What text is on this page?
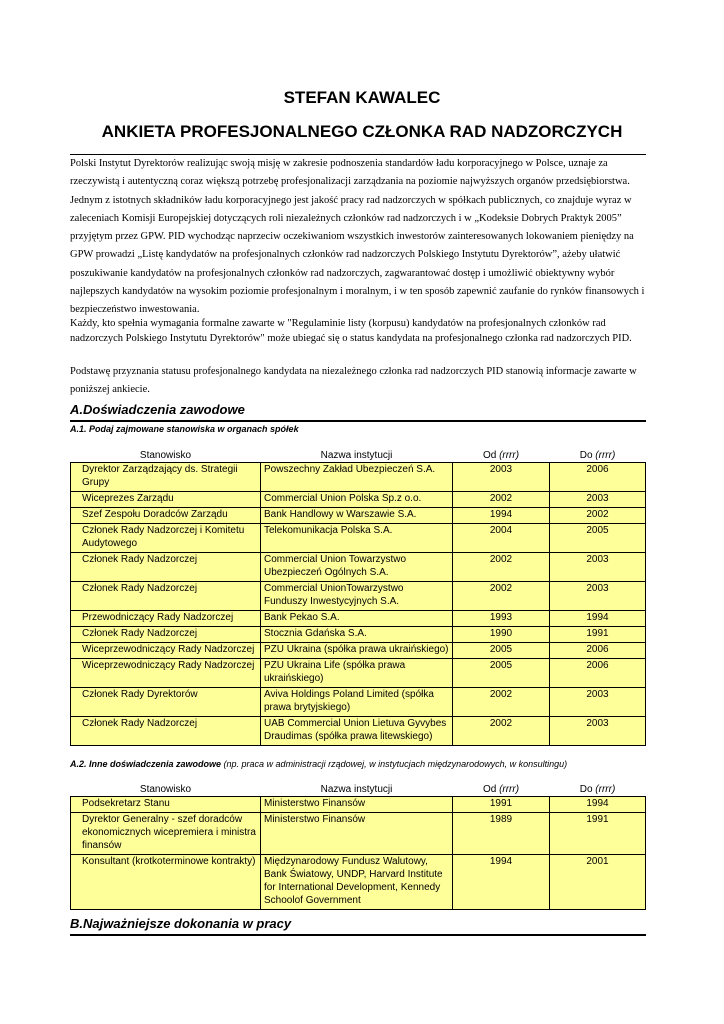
STEFAN KAWALEC
ANKIETA PROFESJONALNEGO CZŁONKA RAD NADZORCZYCH

Polski Instytut Dyrektorów realizując swoją misję w zakresie podnoszenia standardów ładu korporacyjnego w Polsce, uznaje za rzeczywistą i autentyczną coraz większą potrzebę profesjonalizacji zarządzania na poziomie najwyższych organów przedsiębiorstwa. Jednym z istotnych składników ładu korporacyjnego jest jakość pracy rad nadzorczych w spółkach publicznych, co znajduje wyraz w zaleceniach Komisji Europejskiej dotyczących roli niezależnych członków rad nadzorczych i w „Kodeksie Dobrych Praktyk 2005” przyjętym przez GPW. PID wychodząc naprzeciw oczekiwaniom wszystkich inwestorów zainteresowanych lokowaniem pieniędzy na GPW prowadzi „Listę kandydatów na profesjonalnych członków rad nadzorczych Polskiego Instytutu Dyrektorów”, ażeby ułatwić poszukiwanie kandydatów na profesjonalnych członków rad nadzorczych, zagwarantować dostęp i umożliwić obiektywny wybór najlepszych kandydatów na wysokim poziomie profesjonalnym i moralnym, i w ten sposób zapewnić zaufanie do rynków finansowych i bezpieczeństwo inwestowania.

Każdy, kto spełnia wymagania formalne zawarte w "Regulaminie listy (korpusu) kandydatów na profesjonalnych członków rad nadzorczych Polskiego Instytutu Dyrektorów" może ubiegać się o status kandydata na profesjonalnego członka rad nadzorczych PID.

Podstawę przyznania statusu profesjonalnego kandydata na niezależnego członka rad nadzorczych PID stanowią informacje zawarte w poniższej ankiecie.

A.Doświadczenia zawodowe
A.1. Podaj zajmowane stanowiska w organach spółek
Stanowisko	Nazwa instytucji	Od (rrrr)	Do (rrrr)
Dyrektor Zarządzający ds. Strategii Grupy	Powszechny Zakład Ubezpieczeń S.A.	2003	2006
Wiceprezes Zarządu	Commercial Union Polska Sp.z o.o.	2002	2003
Szef Zespołu Doradców Zarządu	Bank Handlowy w Warszawie S.A.	1994	2002
Członek Rady Nadzorczej i Komitetu Audytowego	Telekomunikacja Polska S.A.	2004	2005
Członek Rady Nadzorczej	Commercial Union Towarzystwo Ubezpieczeń Ogólnych S.A.	2002	2003
Członek Rady Nadzorczej	Commercial UnionTowarzystwo Funduszy Inwestycyjnych S.A.	2002	2003
Przewodniczący Rady Nadzorczej	Bank Pekao S.A.	1993	1994
Członek Rady Nadzorczej	Stocznia Gdańska S.A.	1990	1991
Wiceprzewodniczący Rady Nadzorczej	PZU Ukraina (spółka prawa ukraińskiego)	2005	2006
Wiceprzewodniczący Rady Nadzorczej	PZU Ukraina Life (spółka prawa ukraińskiego)	2005	2006
Członek Rady Dyrektorów	Aviva Holdings Poland Limited (spółka prawa brytyjskiego)	2002	2003
Członek Rady Nadzorczej	UAB Commercial Union Lietuva Gyvybes Draudimas (spółka prawa litewskiego)	2002	2003
A.2. Inne doświadczenia zawodowe (np. praca w administracji rządowej, w instytucjach międzynarodowych, w konsultingu)
Stanowisko	Nazwa instytucji	Od (rrrr)	Do (rrrr)
Podsekretarz Stanu	Ministerstwo Finansów	1991	1994
Dyrektor Generalny - szef doradców ekonomicznych wicepremiera i ministra finansów	Ministerstwo Finansów	1989	1991
Konsultant (krotkoterminowe kontrakty)	Międzynarodowy Fundusz Walutowy, Bank Światowy, UNDP, Harvard Institute for International Development, Kennedy Schoolof Government	1994	2001
B.Najważniejsze dokonania w pracy
